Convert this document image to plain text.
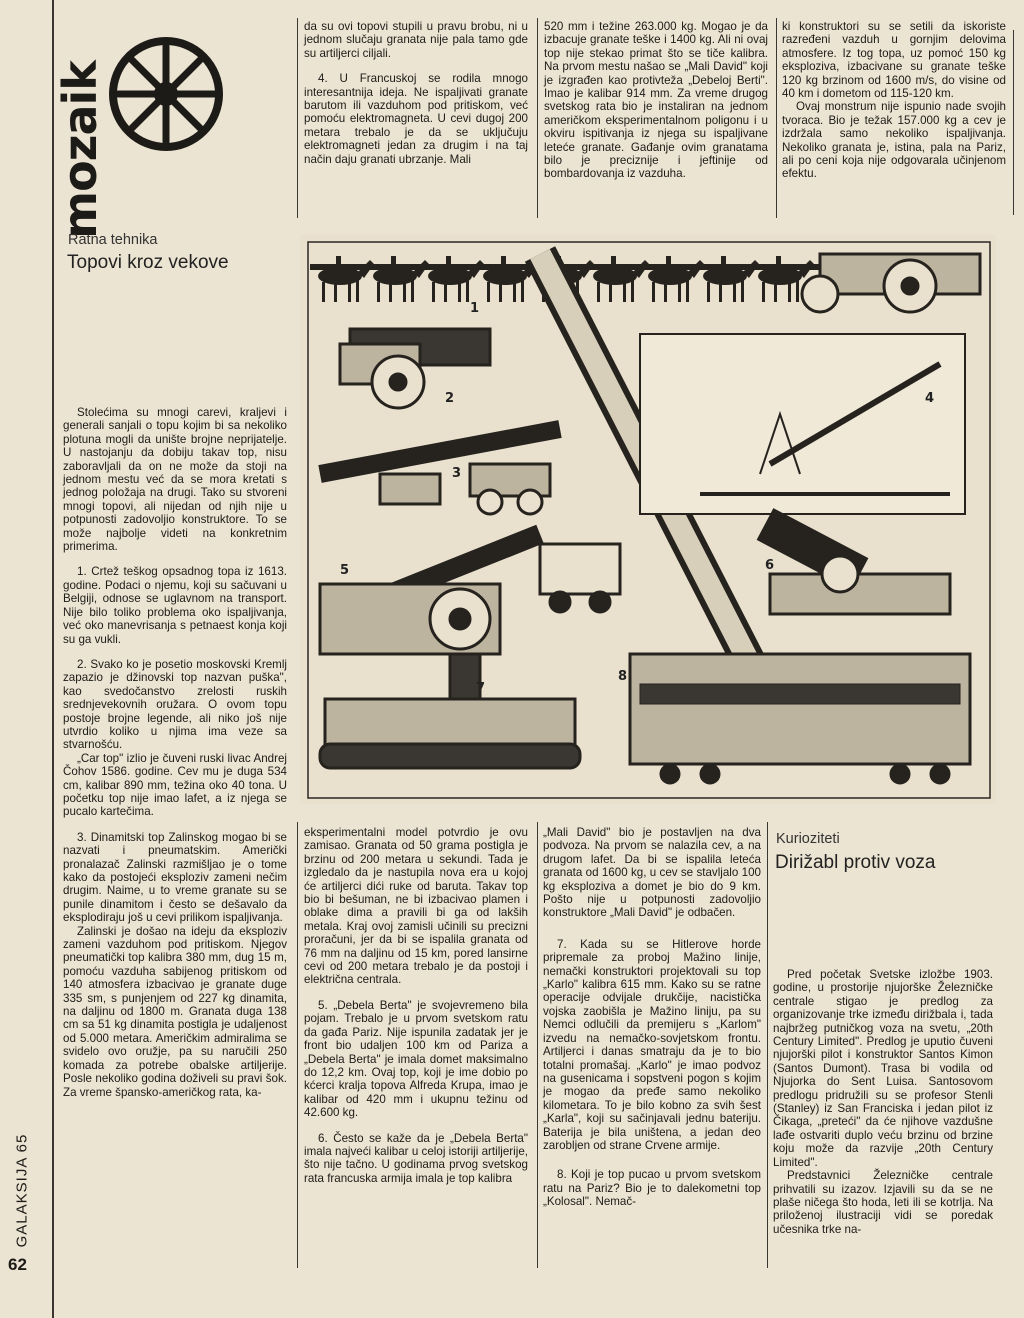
mozaik
Ratna tehnika
Topovi kroz vekove

Stolećima su mnogi carevi, kraljevi i generali sanjali o topu kojim bi sa nekoliko plotuna mogli da unište brojne neprijatelje. U nastojanju da dobiju takav top, nisu zaboravljali da on ne može da stoji na jednom mestu već da se mora kretati s jednog položaja na drugi. Tako su stvoreni mnogi topovi, ali nijedan od njih nije u potpunosti zadovoljio konstruktore. To se može najbolje videti na konkretnim primerima.

1. Crtež teškog opsadnog topa iz 1613. godine. Podaci o njemu, koji su sačuvani u Belgiji, odnose se uglavnom na transport. Nije bilo toliko problema oko ispaljivanja, već oko manevrisanja s petnaest konja koji su ga vukli.

2. Svako ko je posetio moskovski Kremlj zapazio je džinovski top nazvan puška", kao svedočanstvo zrelosti ruskih srednjevekovnih oružara. O ovom topu postoje brojne legende, ali niko još nije utvrdio koliko u njima ima veze sa stvarnošću.

„Car top" izlio je čuveni ruski livac Andrej Čohov 1586. godine. Cev mu je duga 534 cm, kalibar 890 mm, težina oko 40 tona. U početku top nije imao lafet, a iz njega se pucalo kartečima.

3. Dinamitski top Zalinskog mogao bi se nazvati i pneumatskim. Američki pronalazač Zalinski razmišljao je o tome kako da postojeći eksploziv zameni nečim drugim. Naime, u to vreme granate su se punile dinamitom i često se dešavalo da eksplodiraju još u cevi prilikom ispaljivanja.

Zalinski je došao na ideju da eksploziv zameni vazduhom pod pritiskom. Njegov pneumatički top kalibra 380 mm, dug 15 m, pomoću vazduha sabijenog pritiskom od 140 atmosfera izbacivao je granate duge 335 sm, s punjenjem od 227 kg dinamita, na daljinu od 1800 m. Granata duga 138 cm sa 51 kg dinamita postigla je udaljenost od 5.000 metara. Američkim admiralima se svidelo ovo oružje, pa su naručili 250 komada za potrebe obalske artiljerije. Posle nekoliko godina doživeli su pravi šok. Za vreme špansko-američkog rata, ka-

da su ovi topovi stupili u pravu brobu, ni u jednom slučaju granata nije pala tamo gde su artiljerci ciljali.

4. U Francuskoj se rodila mnogo interesantnija ideja. Ne ispaljivati granate barutom ili vazduhom pod pritiskom, već pomoću elektromagneta. U cevi dugoj 200 metara trebalo je da se uključuju elektromagneti jedan za drugim i na taj način daju granati ubrzanje. Mali

520 mm i težine 263.000 kg. Mogao je da izbacuje granate teške i 1400 kg. Ali ni ovaj top nije stekao primat što se tiče kalibra. Na prvom mestu našao se „Mali David" koji je izgrađen kao protivteža „Debeloj Berti". Imao je kalibar 914 mm. Za vreme drugog svetskog rata bio je instaliran na jednom američkom eksperimentalnom poligonu i u okviru ispitivanja iz njega su ispaljivane leteće granate. Gađanje ovim granatama bilo je preciznije i jeftinije od bombardovanja iz vazduha.

ki konstruktori su se setili da iskoriste razređeni vazduh u gornjim delovima atmosfere. Iz tog topa, uz pomoć 150 kg eksploziva, izbacivane su granate teške 120 kg brzinom od 1600 m/s, do visine od 40 km i dometom od 115-120 km.

Ovaj monstrum nije ispunio nade svojih tvoraca. Bio je težak 157.000 kg a cev je izdržala samo nekoliko ispaljivanja. Nekoliko granata je, istina, pala na Pariz, ali po ceni koja nije odgovarala učinjenom efektu.

1
2
3
4
5	6
7
8

eksperimentalni model potvrdio je ovu zamisao. Granata od 50 grama postigla je brzinu od 200 metara u sekundi. Tada je izgledalo da je nastupila nova era u kojoj će artiljerci dići ruke od baruta. Takav top bio bi bešuman, ne bi izbacivao plamen i oblake dima a pravili bi ga od lakših metala. Kraj ovoj zamisli učinili su precizni proračuni, jer da bi se ispalila granata od 76 mm na daljinu od 15 km, pored lansirne cevi od 200 metara trebalo je da postoji i električna centrala.

5. „Debela Berta" je svojevremeno bila pojam. Trebalo je u prvom svetskom ratu da gađa Pariz. Nije ispunila zadatak jer je front bio udaljen 100 km od Pariza a „Debela Berta" je imala domet maksimalno do 12,2 km. Ovaj top, koji je ime dobio po kćerci kralja topova Alfreda Krupa, imao je kalibar od 420 mm i ukupnu težinu od 42.600 kg.

6. Često se kaže da je „Debela Berta" imala najveći kalibar u celoj istoriji artiljerije, što nije tačno. U godinama prvog svetskog rata francuska armija imala je top kalibra

„Mali David" bio je postavljen na dva podvoza. Na prvom se nalazila cev, a na drugom lafet. Da bi se ispalila leteća granata od 1600 kg, u cev se stavljalo 100 kg eksploziva a domet je bio do 9 km. Pošto nije u potpunosti zadovoljio konstruktore „Mali David" je odbačen.

7. Kada su se Hitlerove horde pripremale za proboj Mažino linije, nemački konstruktori projektovali su top „Karlo" kalibra 615 mm. Kako su se ratne operacije odvijale drukčije, nacistička vojska zaobišla je Mažino liniju, pa su Nemci odlučili da premijeru s „Karlom" izvedu na nemačko-sovjetskom frontu. Artiljerci i danas smatraju da je to bio totalni promašaj. „Karlo" je imao podvoz na gusenicama i sopstveni pogon s kojim je mogao da pređe samo nekoliko kilometara. To je bilo kobno za svih šest „Karla", koji su sačinjavali jednu bateriju. Baterija je bila uništena, a jedan deo zarobljen od strane Crvene armije.

8. Koji je top pucao u prvom svetskom ratu na Pariz? Bio je to dalekometni top „Kolosal". Nemač-

Kurioziteti
Dirižabl protiv voza

Pred početak Svetske izložbe 1903. godine, u prostorije njujorške Železničke centrale stigao je predlog za organizovanje trke između dirižbala i, tada najbržeg putničkog voza na svetu, „20th Century Limited". Predlog je uputio čuveni njujorški pilot i konstruktor Santos Kimon (Santos Dumont). Trasa bi vodila od Njujorka do Sent Luisa. Santosovom predlogu pridružili su se profesor Stenli (Stanley) iz San Franciska i jedan pilot iz Čikaga, „preteći" da će njihove vazdušne lađe ostvariti duplo veću brzinu od brzine koju može da razvije „20th Century Limited".

Predstavnici Železničke centrale prihvatili su izazov. Izjavili su da se ne plaše ničega što hoda, leti ili se kotrlja. Na priloženoj ilustraciji vidi se poredak učesnika trke na-

GALAKSIJA 65
62
